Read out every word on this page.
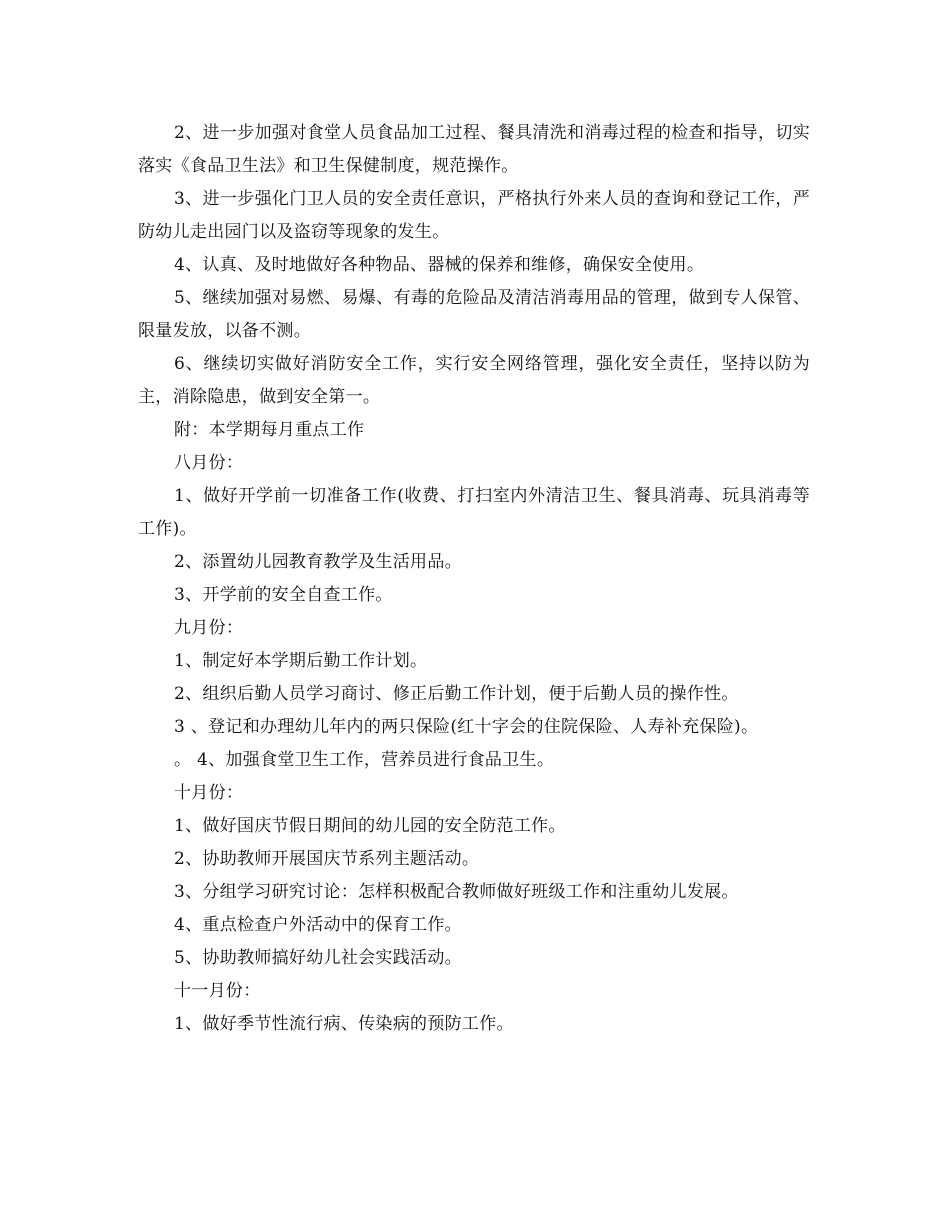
2、进一步加强对食堂人员食品加工过程、餐具清洗和消毒过程的检查和指导，切实落实《食品卫生法》和卫生保健制度，规范操作。

3、进一步强化门卫人员的安全责任意识，严格执行外来人员的查询和登记工作，严防幼儿走出园门以及盗窃等现象的发生。

4、认真、及时地做好各种物品、器械的保养和维修，确保安全使用。

5、继续加强对易燃、易爆、有毒的危险品及清洁消毒用品的管理，做到专人保管、限量发放，以备不测。

6、继续切实做好消防安全工作，实行安全网络管理，强化安全责任，坚持以防为主，消除隐患，做到安全第一。

附：本学期每月重点工作

八月份：

1、做好开学前一切准备工作(收费、打扫室内外清洁卫生、餐具消毒、玩具消毒等工作)。

2、添置幼儿园教育教学及生活用品。

3、开学前的安全自查工作。

九月份：

1、制定好本学期后勤工作计划。

2、组织后勤人员学习商讨、修正后勤工作计划，便于后勤人员的操作性。

3 、登记和办理幼儿年内的两只保险(红十字会的住院保险、人寿补充保险)。

。 4、加强食堂卫生工作，营养员进行食品卫生。

十月份：

1、做好国庆节假日期间的幼儿园的安全防范工作。

2、协助教师开展国庆节系列主题活动。

3、分组学习研究讨论：怎样积极配合教师做好班级工作和注重幼儿发展。

4、重点检查户外活动中的保育工作。

5、协助教师搞好幼儿社会实践活动。

十一月份：

1、做好季节性流行病、传染病的预防工作。
